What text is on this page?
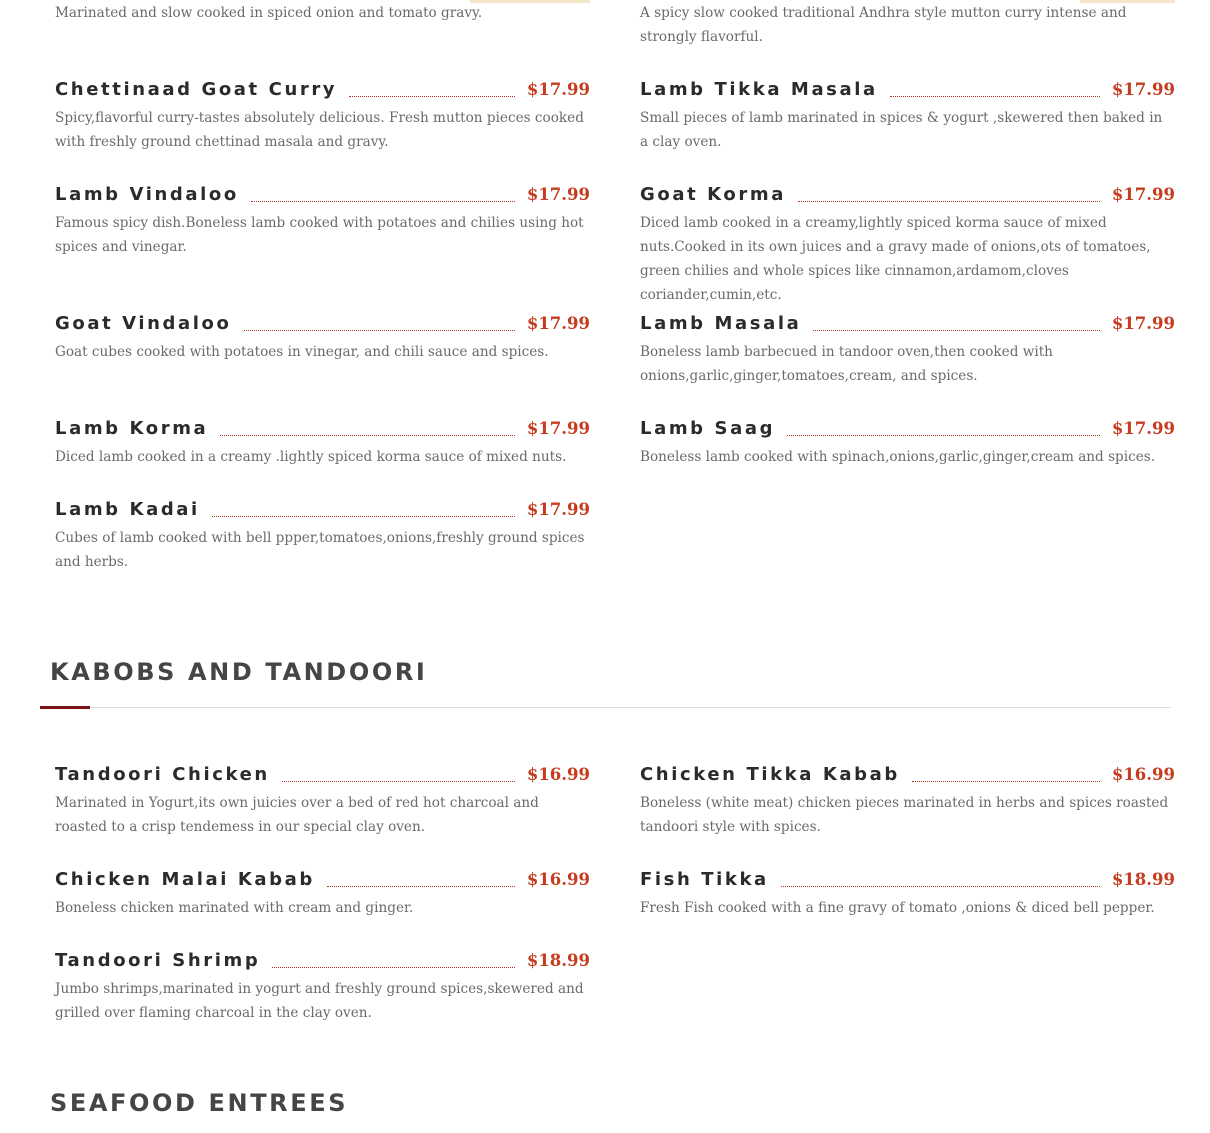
Marinated and slow cooked in spiced onion and tomato gravy.
Chettinaad Goat Curry	$17.99
Spicy,flavorful curry-tastes absolutely delicious. Fresh mutton pieces cooked with freshly ground chettinad masala and gravy.
Lamb Vindaloo	$17.99
Famous spicy dish.Boneless lamb cooked with potatoes and chilies using hot spices and vinegar.
Goat Vindaloo	$17.99
Goat cubes cooked with potatoes in vinegar, and chili sauce and spices.
Lamb Korma	$17.99
Diced lamb cooked in a creamy .lightly spiced korma sauce of mixed nuts.
Lamb Kadai	$17.99
Cubes of lamb cooked with bell ppper,tomatoes,onions,freshly ground spices and herbs.
A spicy slow cooked traditional Andhra style mutton curry intense and strongly flavorful.
Lamb Tikka Masala	$17.99
Small pieces of lamb marinated in spices & yogurt ,skewered then baked in a clay oven.
Goat Korma	$17.99
Diced lamb cooked in a creamy,lightly spiced korma sauce of mixed nuts.Cooked in its own juices and a gravy made of onions,ots of tomatoes, green chilies and whole spices like cinnamon,ardamom,cloves coriander,cumin,etc.
Lamb Masala	$17.99
Boneless lamb barbecued in tandoor oven,then cooked with onions,garlic,ginger,tomatoes,cream, and spices.
Lamb Saag	$17.99
Boneless lamb cooked with spinach,onions,garlic,ginger,cream and spices.
KABOBS AND TANDOORI
Tandoori Chicken	$16.99
Marinated in Yogurt,its own juicies over a bed of red hot charcoal and roasted to a crisp tendemess in our special clay oven.
Chicken Malai Kabab	$16.99
Boneless chicken marinated with cream and ginger.
Tandoori Shrimp	$18.99
Jumbo shrimps,marinated in yogurt and freshly ground spices,skewered and grilled over flaming charcoal in the clay oven.
Chicken Tikka Kabab	$16.99
Boneless (white meat) chicken pieces marinated in herbs and spices roasted tandoori style with spices.
Fish Tikka	$18.99
Fresh Fish cooked with a fine gravy of tomato ,onions & diced bell pepper.
SEAFOOD ENTREES
